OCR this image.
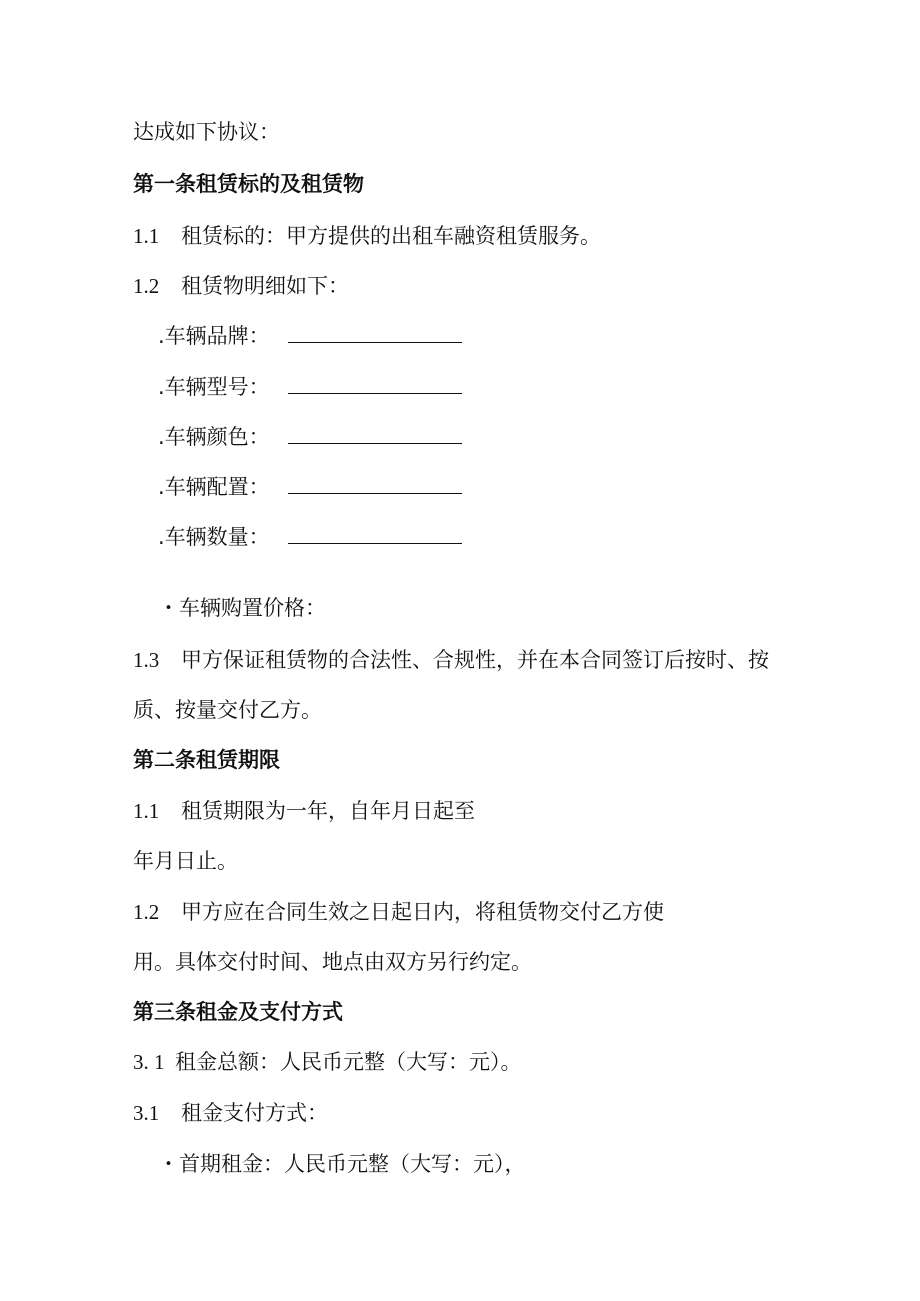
达成如下协议：
第一条租赁标的及租赁物
1.1 租赁标的：甲方提供的出租车融资租赁服务。
1.2 租赁物明细如下：
.车辆品牌：
.车辆型号：
.车辆颜色：
.车辆配置：
.车辆数量：
・车辆购置价格：
1.3 甲方保证租赁物的合法性、合规性，并在本合同签订后按时、按
质、按量交付乙方。
第二条租赁期限
1.1 租赁期限为一年，自年月日起至
年月日止。
1.2 甲方应在合同生效之日起日内，将租赁物交付乙方使
用。具体交付时间、地点由双方另行约定。
第三条租金及支付方式
3. 1 租金总额：人民币元整（大写：元）。
3.1 租金支付方式：
・首期租金：人民币元整（大写：元），
